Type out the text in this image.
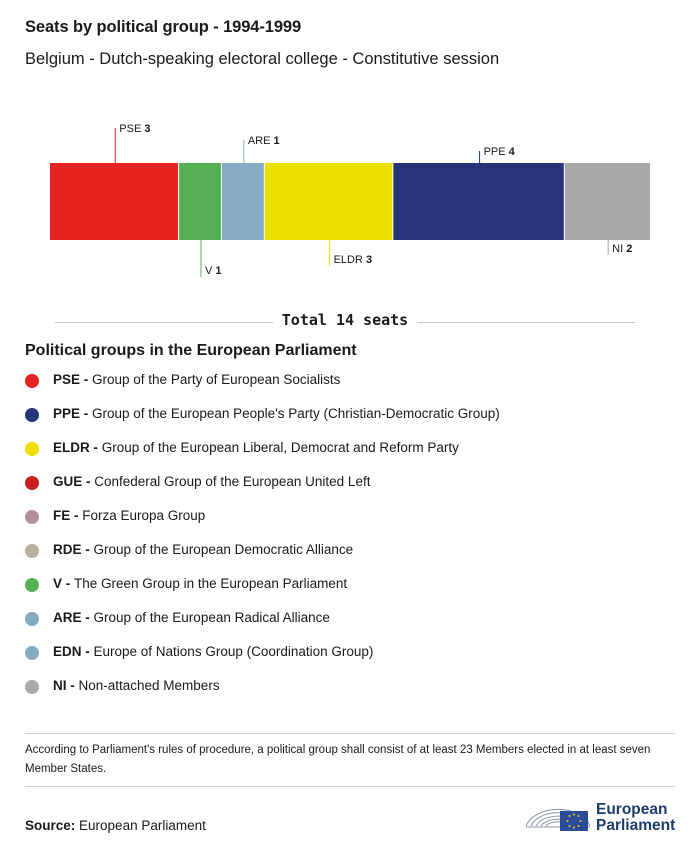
Seats by political group - 1994-1999
Belgium - Dutch-speaking electoral college - Constitutive session
PSE 3
V 1
ARE 1
ELDR 3
PPE 4
NI 2
Total 14 seats
Political groups in the European Parliament
PSE - Group of the Party of European Socialists
PPE - Group of the European People's Party (Christian-Democratic Group)
ELDR - Group of the European Liberal, Democrat and Reform Party
GUE - Confederal Group of the European United Left
FE - Forza Europa Group
RDE - Group of the European Democratic Alliance
V - The Green Group in the European Parliament
ARE - Group of the European Radical Alliance
EDN - Europe of Nations Group (Coordination Group)
NI - Non-attached Members
According to Parliament's rules of procedure, a political group shall consist of at least 23 Members elected in at least seven Member States.
Source: European Parliament
European
Parliament
